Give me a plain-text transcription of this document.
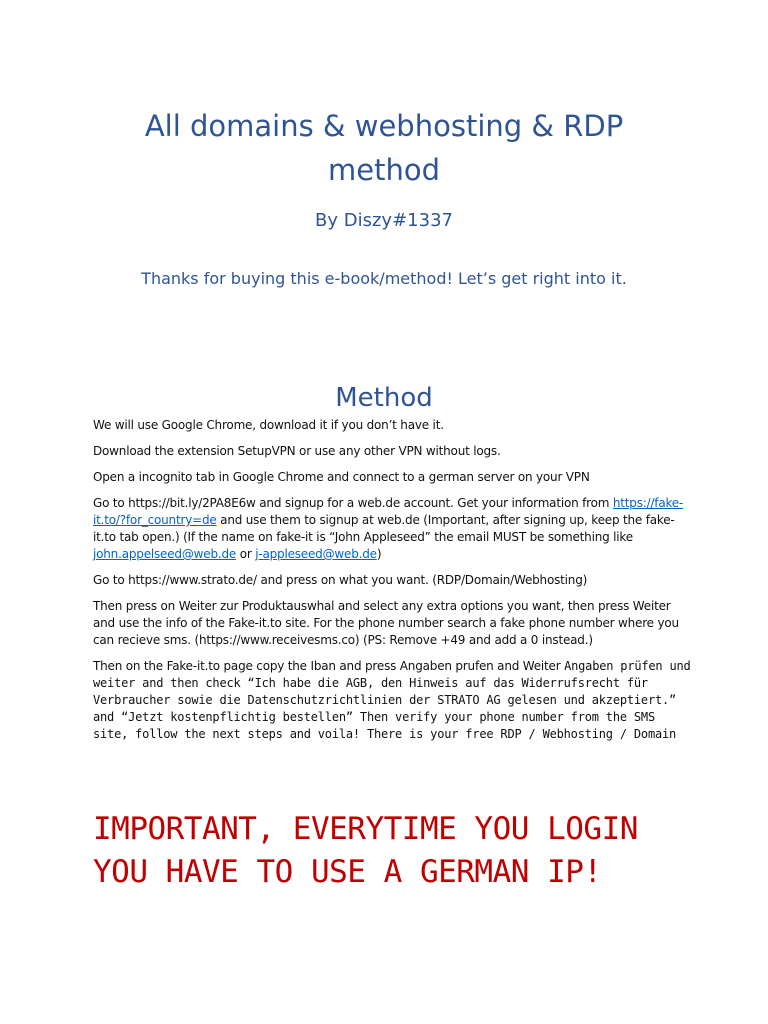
All domains & webhosting & RDP method

By Diszy#1337

Thanks for buying this e-book/method! Let’s get right into it.

Method

We will use Google Chrome, download it if you don’t have it.

Download the extension SetupVPN or use any other VPN without logs.

Open a incognito tab in Google Chrome and connect to a german server on your VPN

Go to https://bit.ly/2PA8E6w and signup for a web.de account. Get your information from https://fake-it.to/?for_country=de and use them to signup at web.de (Important, after signing up, keep the fake-it.to tab open.) (If the name on fake-it is “John Appleseed” the email MUST be something like john.appelseed@web.de or j-appleseed@web.de)

Go to https://www.strato.de/ and press on what you want. (RDP/Domain/Webhosting)

Then press on Weiter zur Produktauswhal and select any extra options you want, then press Weiter and use the info of the Fake-it.to site. For the phone number search a fake phone number where you can recieve sms. (https://www.receivesms.co) (PS: Remove +49 and add a 0 instead.)

Then on the Fake-it.to page copy the Iban and press Angaben prufen and Weiter Angaben prüfen und weiter and then check “Ich habe die AGB, den Hinweis auf das Widerrufsrecht für Verbraucher sowie die Datenschutzrichtlinien der STRATO AG gelesen und akzeptiert.” and “Jetzt kostenpflichtig bestellen” Then verify your phone number from the SMS site, follow the next steps and voila! There is your free RDP / Webhosting / Domain

IMPORTANT, EVERYTIME YOU LOGIN YOU HAVE TO USE A GERMAN IP!
